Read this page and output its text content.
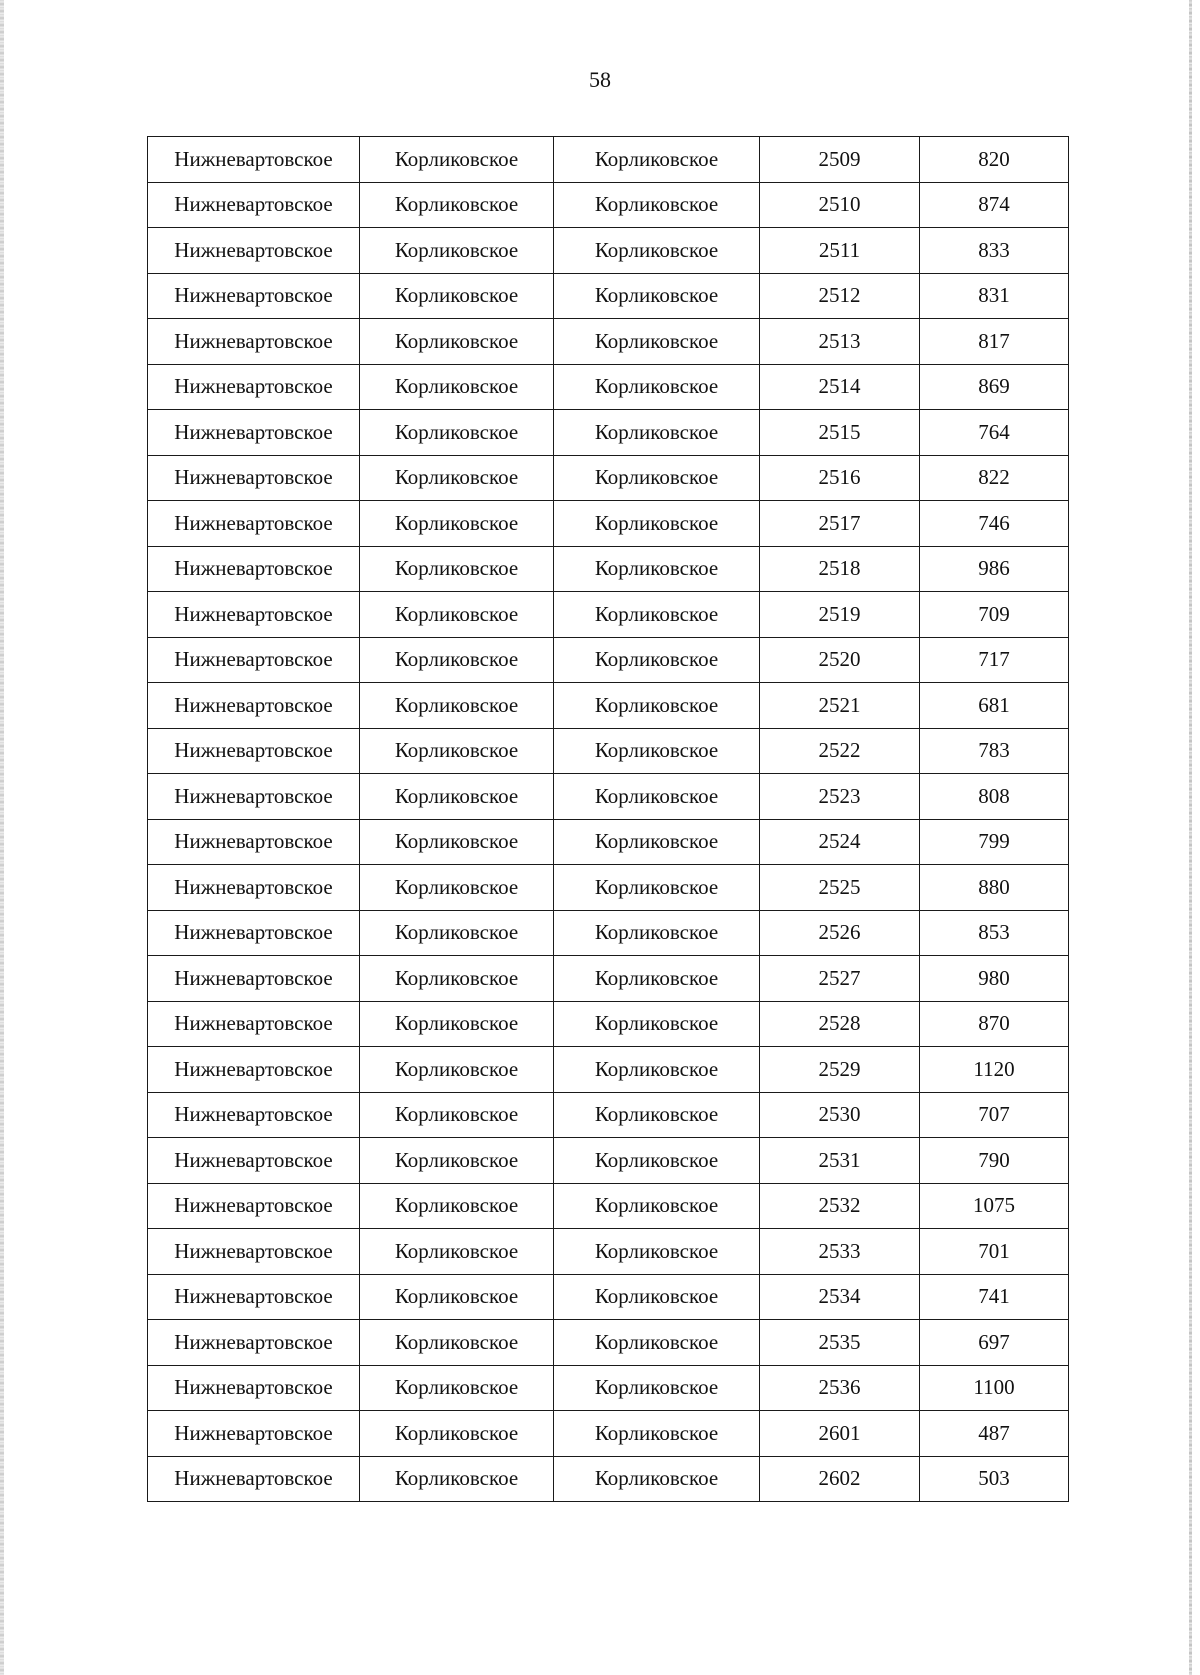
58
Нижневартовское	Корликовское	Корликовское	2509	820
Нижневартовское	Корликовское	Корликовское	2510	874
Нижневартовское	Корликовское	Корликовское	2511	833
Нижневартовское	Корликовское	Корликовское	2512	831
Нижневартовское	Корликовское	Корликовское	2513	817
Нижневартовское	Корликовское	Корликовское	2514	869
Нижневартовское	Корликовское	Корликовское	2515	764
Нижневартовское	Корликовское	Корликовское	2516	822
Нижневартовское	Корликовское	Корликовское	2517	746
Нижневартовское	Корликовское	Корликовское	2518	986
Нижневартовское	Корликовское	Корликовское	2519	709
Нижневартовское	Корликовское	Корликовское	2520	717
Нижневартовское	Корликовское	Корликовское	2521	681
Нижневартовское	Корликовское	Корликовское	2522	783
Нижневартовское	Корликовское	Корликовское	2523	808
Нижневартовское	Корликовское	Корликовское	2524	799
Нижневартовское	Корликовское	Корликовское	2525	880
Нижневартовское	Корликовское	Корликовское	2526	853
Нижневартовское	Корликовское	Корликовское	2527	980
Нижневартовское	Корликовское	Корликовское	2528	870
Нижневартовское	Корликовское	Корликовское	2529	1120
Нижневартовское	Корликовское	Корликовское	2530	707
Нижневартовское	Корликовское	Корликовское	2531	790
Нижневартовское	Корликовское	Корликовское	2532	1075
Нижневартовское	Корликовское	Корликовское	2533	701
Нижневартовское	Корликовское	Корликовское	2534	741
Нижневартовское	Корликовское	Корликовское	2535	697
Нижневартовское	Корликовское	Корликовское	2536	1100
Нижневартовское	Корликовское	Корликовское	2601	487
Нижневартовское	Корликовское	Корликовское	2602	503
